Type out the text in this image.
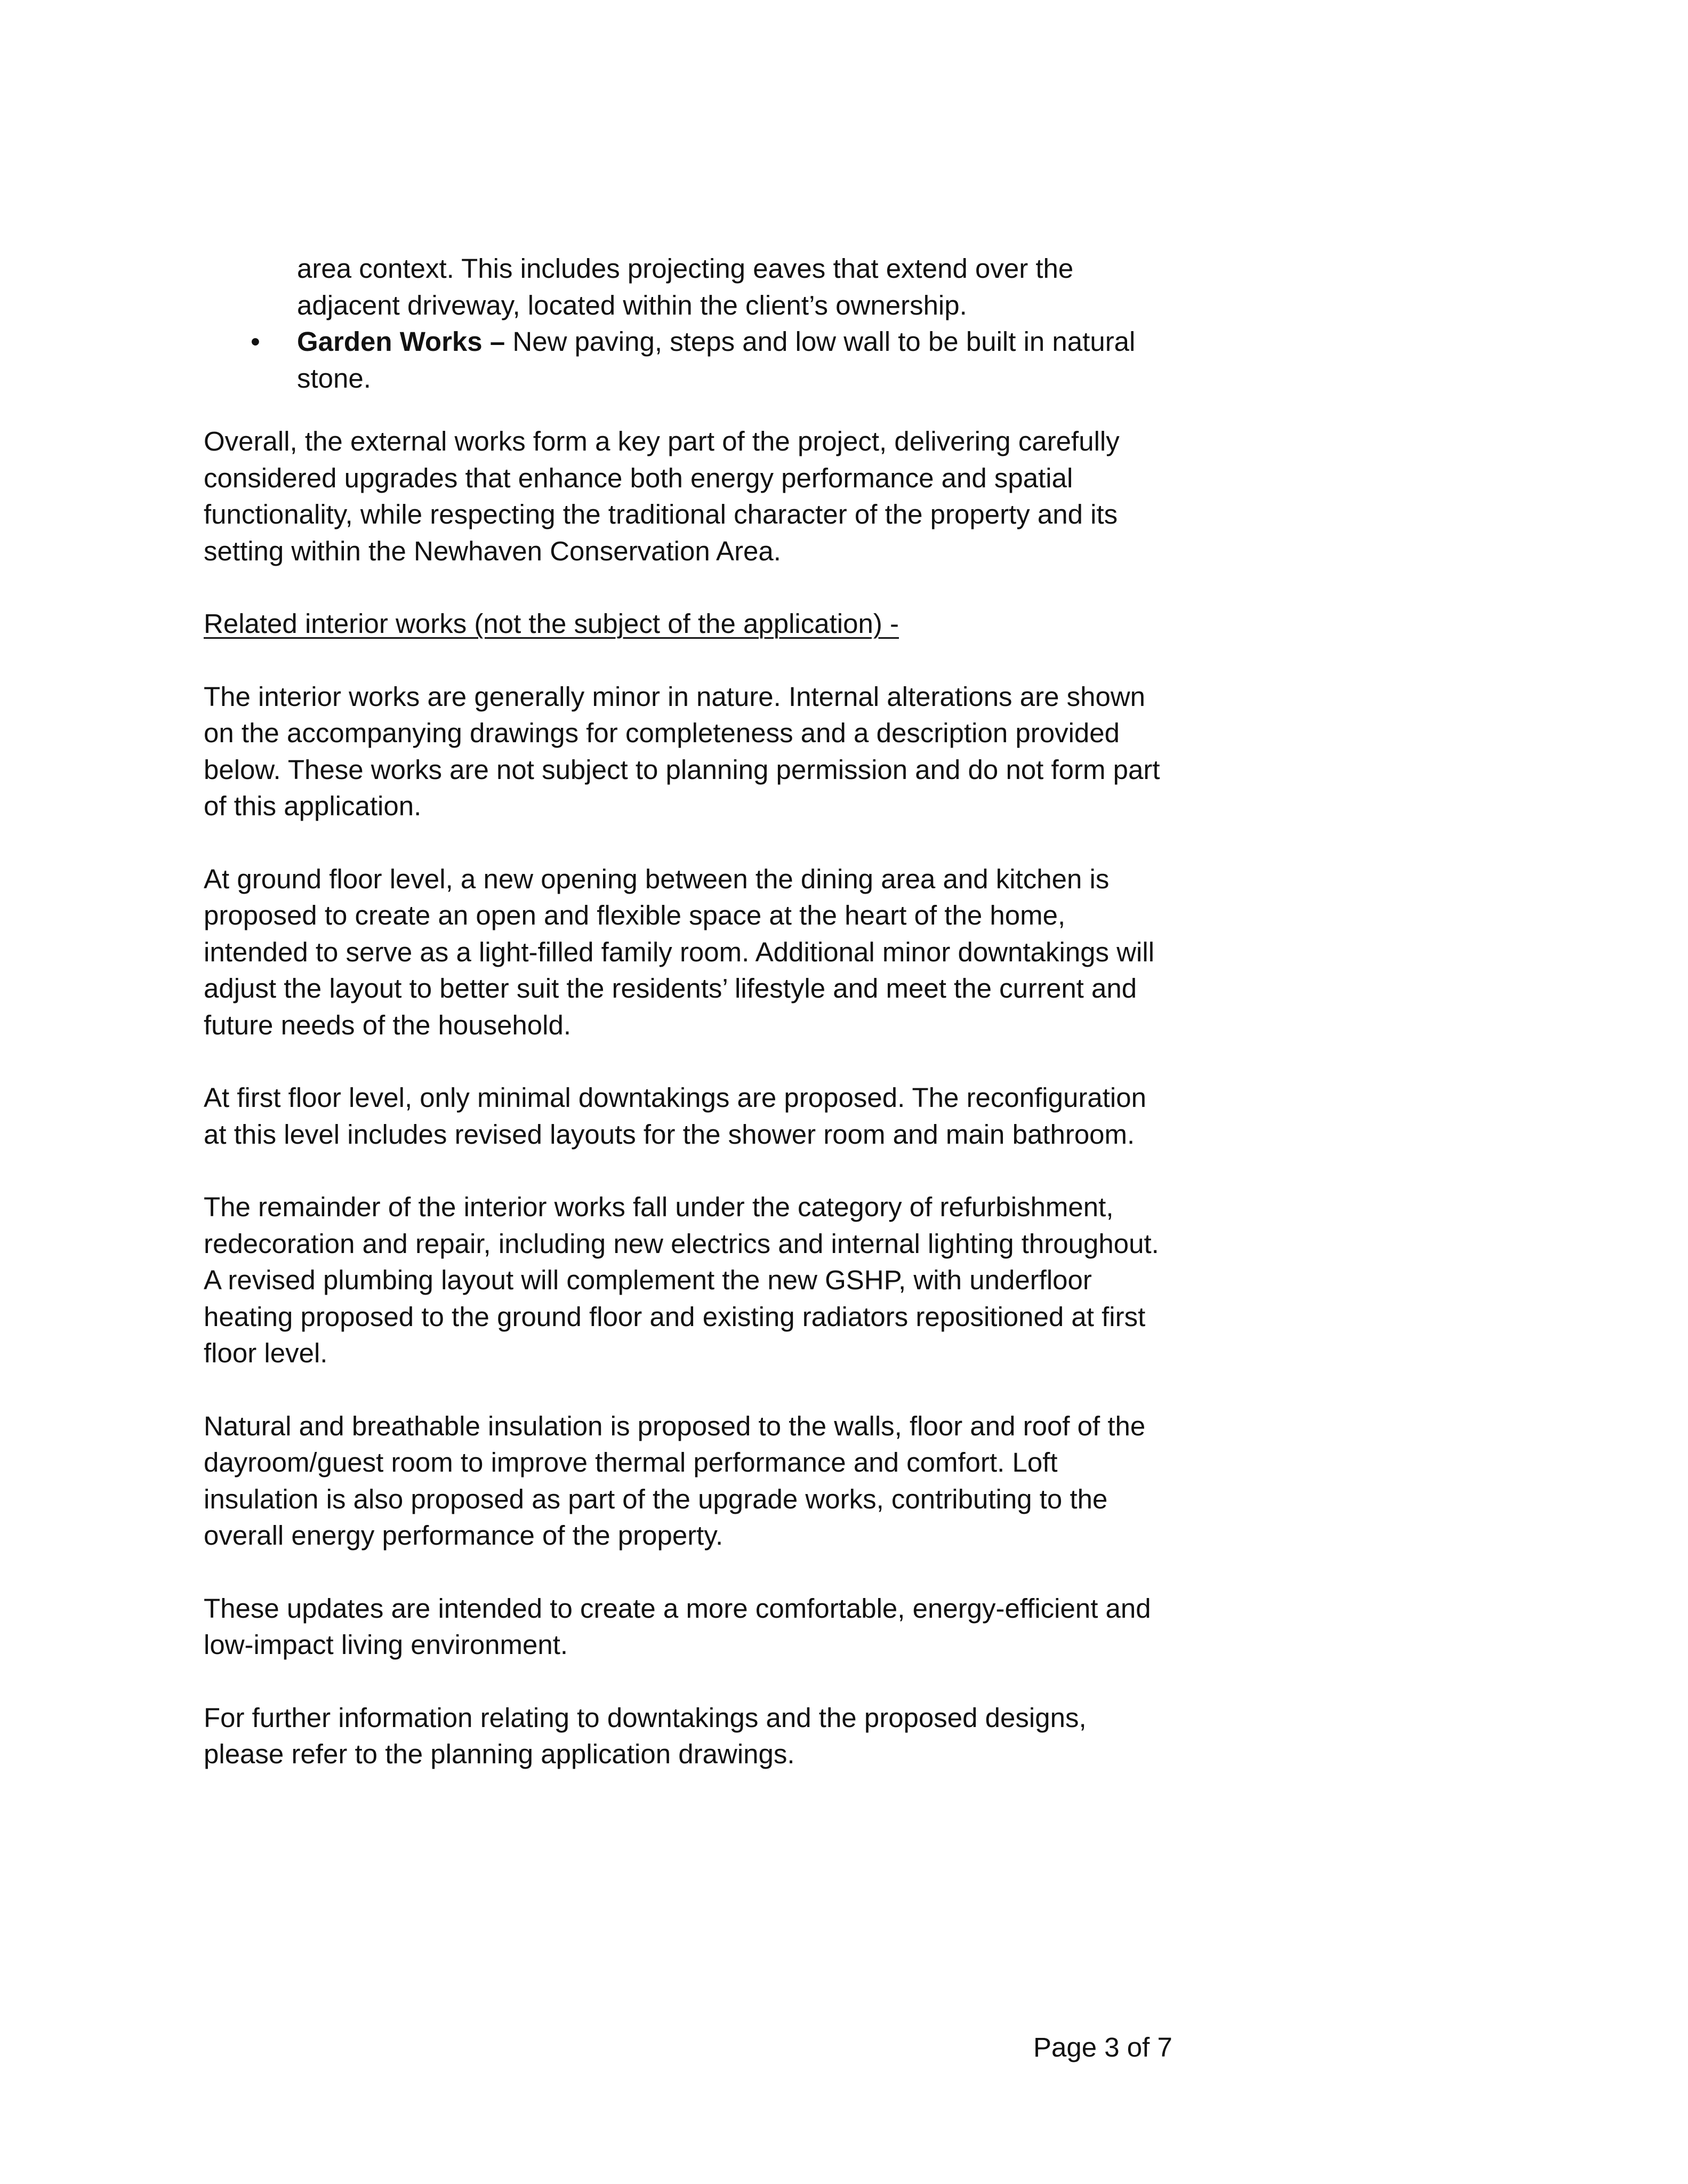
area context. This includes projecting eaves that extend over the adjacent driveway, located within the client’s ownership.

• Garden Works – New paving, steps and low wall to be built in natural stone.

Overall, the external works form a key part of the project, delivering carefully considered upgrades that enhance both energy performance and spatial functionality, while respecting the traditional character of the property and its setting within the Newhaven Conservation Area.

Related interior works (not the subject of the application) -

The interior works are generally minor in nature. Internal alterations are shown on the accompanying drawings for completeness and a description provided below. These works are not subject to planning permission and do not form part of this application.

At ground floor level, a new opening between the dining area and kitchen is proposed to create an open and flexible space at the heart of the home, intended to serve as a light-filled family room. Additional minor downtakings will adjust the layout to better suit the residents’ lifestyle and meet the current and future needs of the household.

At first floor level, only minimal downtakings are proposed. The reconfiguration at this level includes revised layouts for the shower room and main bathroom.

The remainder of the interior works fall under the category of refurbishment, redecoration and repair, including new electrics and internal lighting throughout. A revised plumbing layout will complement the new GSHP, with underfloor heating proposed to the ground floor and existing radiators repositioned at first floor level.

Natural and breathable insulation is proposed to the walls, floor and roof of the dayroom/guest room to improve thermal performance and comfort. Loft insulation is also proposed as part of the upgrade works, contributing to the overall energy performance of the property.

These updates are intended to create a more comfortable, energy-efficient and low-impact living environment.

For further information relating to downtakings and the proposed designs, please refer to the planning application drawings.

Page 3 of 7
